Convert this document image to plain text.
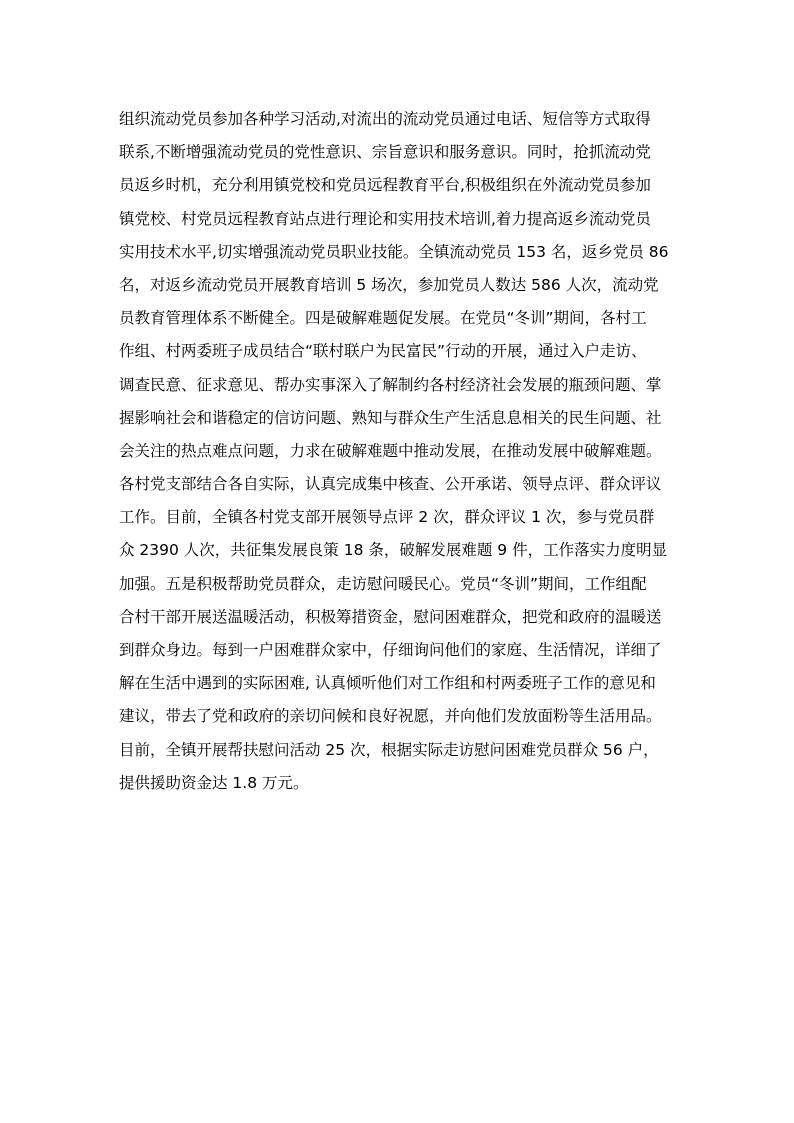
组织流动党员参加各种学习活动,对流出的流动党员通过电话、短信等方式取得
联系,不断增强流动党员的党性意识、宗旨意识和服务意识。同时，抢抓流动党
员返乡时机，充分利用镇党校和党员远程教育平台,积极组织在外流动党员参加
镇党校、村党员远程教育站点进行理论和实用技术培训,着力提高返乡流动党员
实用技术水平,切实增强流动党员职业技能。全镇流动党员 153 名，返乡党员 86
名，对返乡流动党员开展教育培训 5 场次，参加党员人数达 586 人次，流动党
员教育管理体系不断健全。四是破解难题促发展。在党员“冬训”期间，各村工
作组、村两委班子成员结合“联村联户为民富民”行动的开展，通过入户走访、
调查民意、征求意见、帮办实事深入了解制约各村经济社会发展的瓶颈问题、掌
握影响社会和谐稳定的信访问题、熟知与群众生产生活息息相关的民生问题、社
会关注的热点难点问题，力求在破解难题中推动发展，在推动发展中破解难题。
各村党支部结合各自实际，认真完成集中核查、公开承诺、领导点评、群众评议
工作。目前，全镇各村党支部开展领导点评 2 次，群众评议 1 次，参与党员群
众 2390 人次，共征集发展良策 18 条，破解发展难题 9 件，工作落实力度明显
加强。五是积极帮助党员群众，走访慰问暖民心。党员“冬训”期间，工作组配
合村干部开展送温暖活动，积极筹措资金，慰问困难群众，把党和政府的温暖送
到群众身边。每到一户困难群众家中，仔细询问他们的家庭、生活情况，详细了
解在生活中遇到的实际困难, 认真倾听他们对工作组和村两委班子工作的意见和
建议，带去了党和政府的亲切问候和良好祝愿，并向他们发放面粉等生活用品。
目前，全镇开展帮扶慰问活动 25 次，根据实际走访慰问困难党员群众 56 户，
提供援助资金达 1.8 万元。
